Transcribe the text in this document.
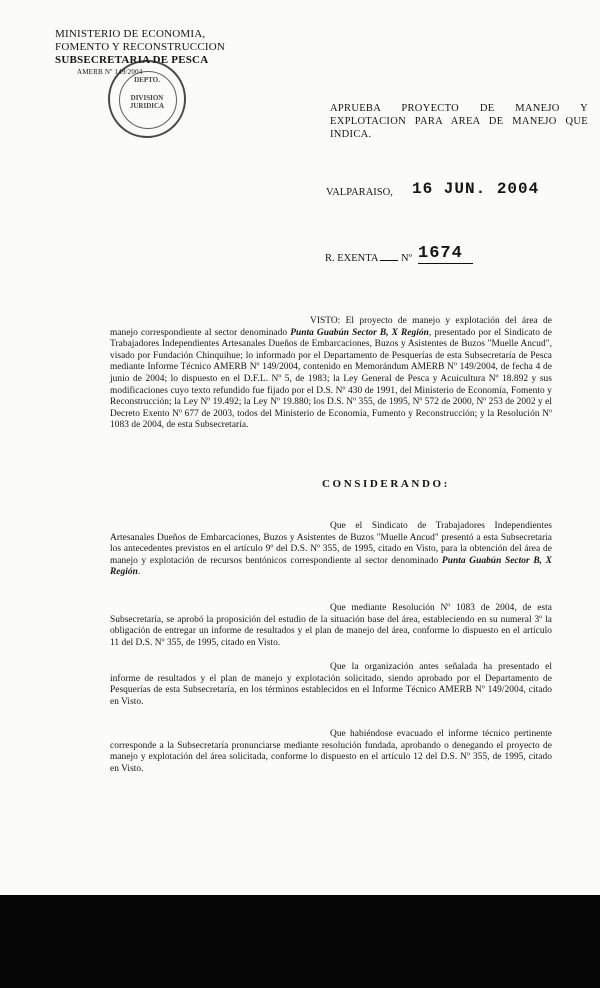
MINISTERIO DE ECONOMIA,
FOMENTO Y RECONSTRUCCION
SUBSECRETARIA DE PESCA
AMERB Nº 149/2004
DEPTO.
DIVISION JURIDICA	APRUEBA PROYECTO DE MANEJO Y EXPLOTACION PARA AREA DE MANEJO QUE INDICA.
VALPARAISO, 16 JUN. 2004
R. EXENTA Nº 1674
VISTO: El proyecto de manejo y explotación del área de manejo correspondiente al sector denominado Punta Guabún Sector B, X Región, presentado por el Sindicato de Trabajadores Independientes Artesanales Dueños de Embarcaciones, Buzos y Asistentes de Buzos "Muelle Ancud", visado por Fundación Chinquihue; lo informado por el Departamento de Pesquerías de esta Subsecretaría de Pesca mediante Informe Técnico AMERB Nº 149/2004, contenido en Memorándum AMERB Nº 149/2004, de fecha 4 de junio de 2004; lo dispuesto en el D.F.L. Nº 5, de 1983; la Ley General de Pesca y Acuicultura Nº 18.892 y sus modificaciones cuyo texto refundido fue fijado por el D.S. Nº 430 de 1991, del Ministerio de Economía, Fomento y Reconstrucción; la Ley Nº 19.492; la Ley Nº 19.880; los D.S. Nº 355, de 1995, Nº 572 de 2000, Nº 253 de 2002 y el Decreto Exento Nº 677 de 2003, todos del Ministerio de Economía, Fumento y Reconstrucción; y la Resolución Nº 1083 de 2004, de esta Subsecretaría.
CONSIDERANDO:
Que el Sindicato de Trabajadores Independientes Artesanales Dueños de Embarcaciones, Buzos y Asistentes de Buzos "Muelle Ancud" presentó a esta Subsecretaría los antecedentes previstos en el artículo 9º del D.S. Nº 355, de 1995, citado en Visto, para la obtención del área de manejo y explotación de recursos bentónicos correspondiente al sector denominado Punta Guabún Sector B, X Región.
Que mediante Resolución Nº 1083 de 2004, de esta Subsecretaría, se aprobó la proposición del estudio de la situación base del área, estableciendo en su numeral 3º la obligación de entregar un informe de resultados y el plan de manejo del área, conforme lo dispuesto en el artículo 11 del D.S. Nº 355, de 1995, citado en Visto.
Que la organización antes señalada ha presentado el informe de resultados y el plan de manejo y explotación solicitado, siendo aprobado por el Departamento de Pesquerías de esta Subsecretaría, en los términos establecidos en el Informe Técnico AMERB Nº 149/2004, citado en Visto.
Que habiéndose evacuado el informe técnico pertinente corresponde a la Subsecretaría pronunciarse mediante resolución fundada, aprobando o denegando el proyecto de manejo y explotación del área solicitada, conforme lo dispuesto en el artículo 12 del D.S. Nº 355, de 1995, citado en Visto.
